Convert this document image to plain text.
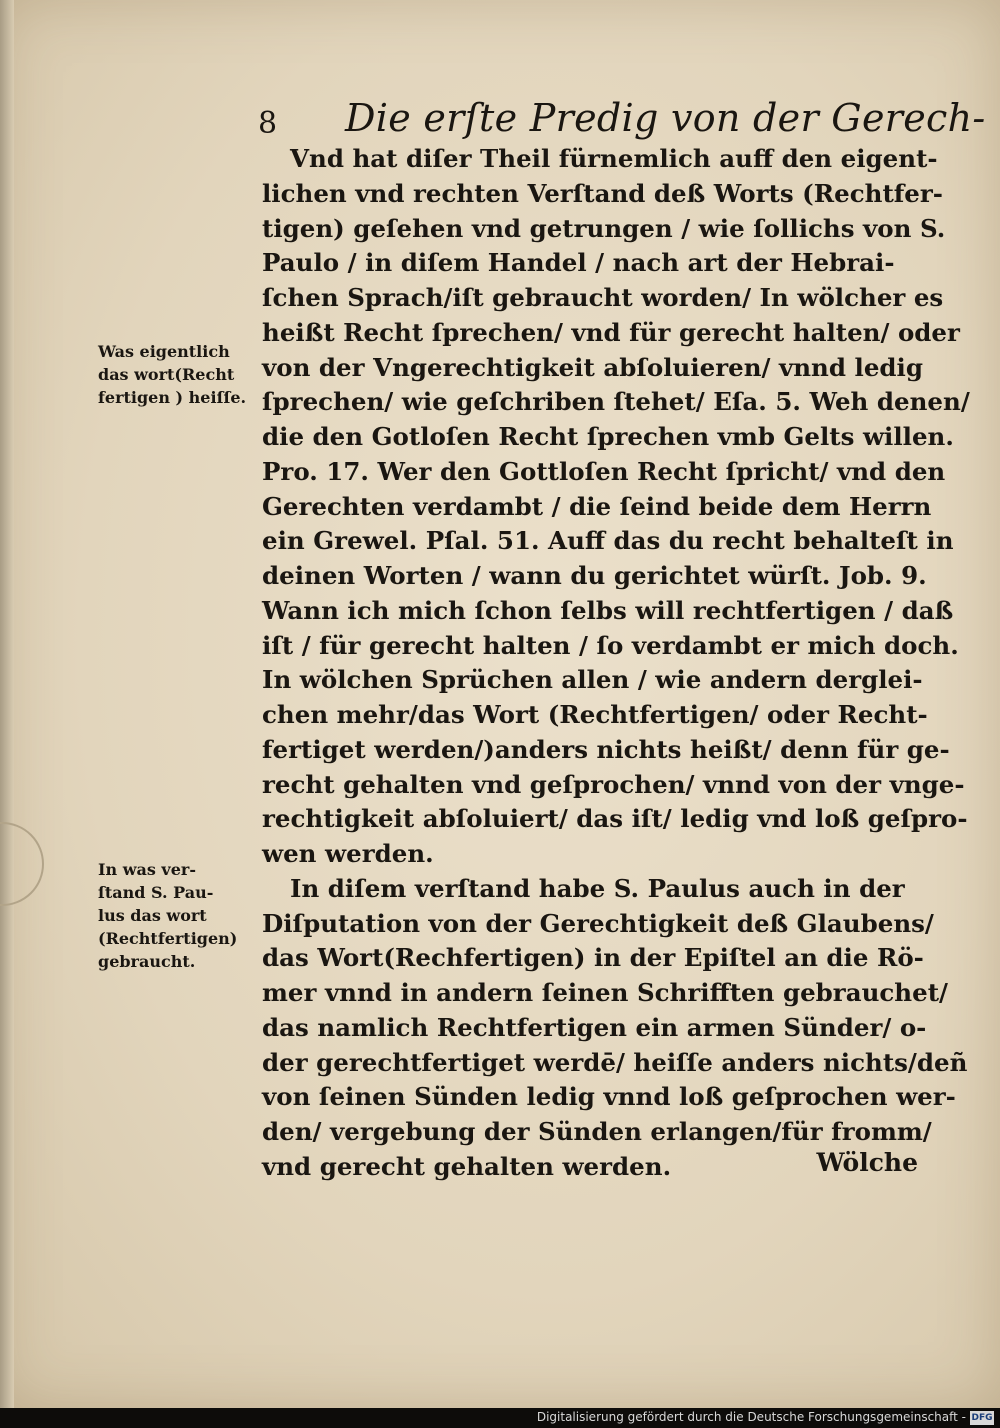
8 Die erſte Predig von der Gerech-
Vnd hat diſer Theil fürnemlich auff den eigent-
lichen vnd rechten Verſtand deß Worts (Rechtfer-
tigen) geſehen vnd getrungen / wie ſollichs von S.
Paulo / in diſem Handel / nach art der Hebrai-
ſchen Sprach/iſt gebraucht worden/ In wölcher es
heißt Recht ſprechen/ vnd für gerecht halten/ oder
von der Vngerechtigkeit abſoluieren/ vnnd ledig
ſprechen/ wie geſchriben ſtehet/ Eſa. 5. Weh denen/
die den Gotloſen Recht ſprechen vmb Gelts willen.
Pro. 17. Wer den Gottloſen Recht ſpricht/ vnd den
Gerechten verdambt / die ſeind beide dem Herrn
ein Grewel. Pſal. 51. Auff das du recht behalteſt in
deinen Worten / wann du gerichtet würſt. Job. 9.
Wann ich mich ſchon ſelbs will rechtfertigen / daß
iſt / für gerecht halten / ſo verdambt er mich doch.
In wölchen Sprüchen allen / wie andern derglei-
chen mehr/das Wort (Rechtfertigen/ oder Recht-
fertiget werden/)anders nichts heißt/ denn für ge-
recht gehalten vnd geſprochen/ vnnd von der vnge-
rechtigkeit abſoluiert/ das iſt/ ledig vnd loß geſpro-
wen werden.
In diſem verſtand habe S. Paulus auch in der
Diſputation von der Gerechtigkeit deß Glaubens/
das Wort(Rechfertigen) in der Epiſtel an die Rö-
mer vnnd in andern ſeinen Schrifften gebrauchet/
das namlich Rechtfertigen ein armen Sünder/ o-
der gerechtfertiget werdē/ heiſſe anders nichts/deñ
von ſeinen Sünden ledig vnnd loß geſprochen wer-
den/ vergebung der Sünden erlangen/für fromm/
vnd gerecht gehalten werden.
Was eigentlich
das wort(Recht
fertigen ) heiſſe.
In was ver-
ſtand S. Pau-
lus das wort
(Rechtfertigen)
gebraucht.
Wölche
Digitalisierung gefördert durch die Deutsche Forschungsgemeinschaft - DFG
